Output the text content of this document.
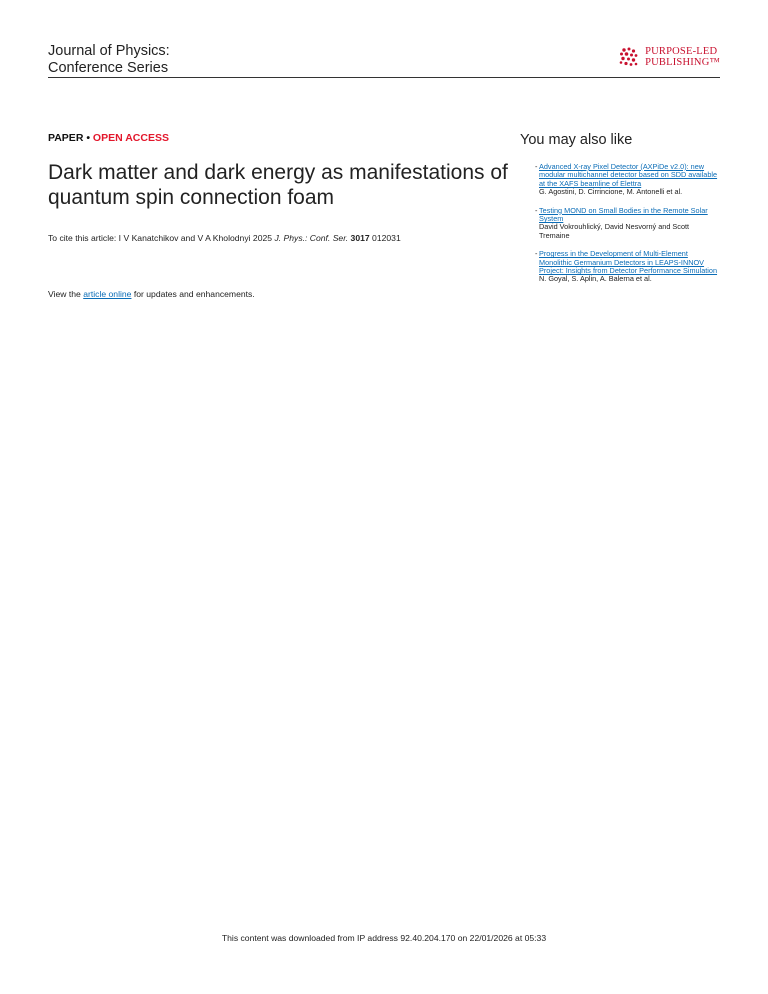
Journal of Physics:
Conference Series
PURPOSE-LED
PUBLISHING™

PAPER • OPEN ACCESS

Dark matter and dark energy as manifestations of quantum spin connection foam
To cite this article: I V Kanatchikov and V A Kholodnyi 2025 J. Phys.: Conf. Ser. 3017 012031
View the article online for updates and enhancements.
You may also like
- Advanced X-ray Pixel Detector (AXPiDe v2.0): new modular multichannel detector based on SDD available at the XAFS beamline of Elettra
G. Agostini, D. Cirrincione, M. Antonelli et al.
- Testing MOND on Small Bodies in the Remote Solar System
David Vokrouhlický, David Nesvorný and Scott Tremaine
- Progress in the Development of Multi-Element Monolithic Germanium Detectors in LEAPS-INNOV Project: Insights from Detector Performance Simulation
N. Goyal, S. Aplin, A. Balerna et al.
This content was downloaded from IP address 92.40.204.170 on 22/01/2026 at 05:33
